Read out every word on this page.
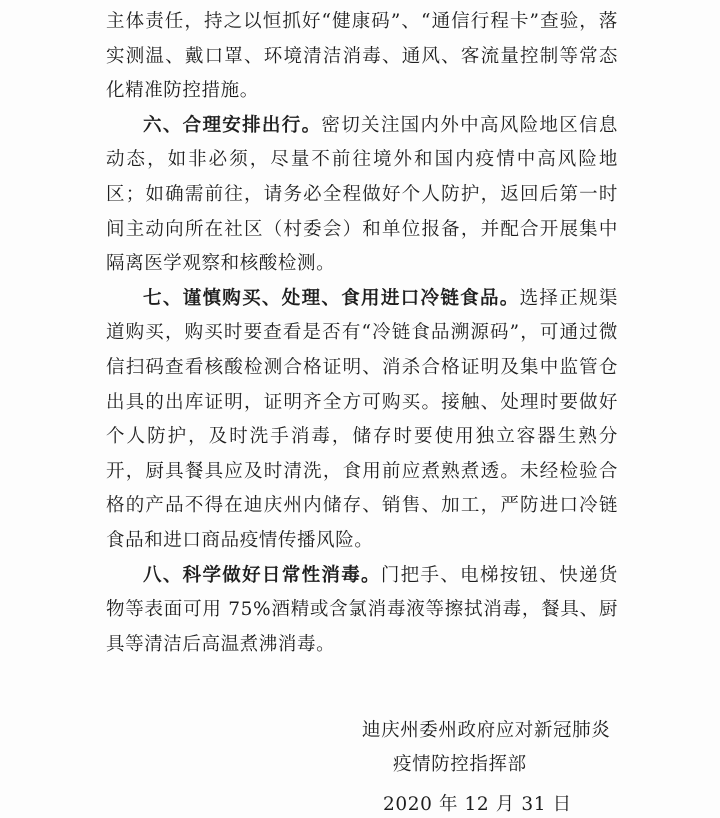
主体责任，持之以恒抓好“健康码”、“通信行程卡”查验，落实测温、戴口罩、环境清洁消毒、通风、客流量控制等常态化精准防控措施。

六、合理安排出行。密切关注国内外中高风险地区信息动态，如非必须，尽量不前往境外和国内疫情中高风险地区；如确需前往，请务必全程做好个人防护，返回后第一时间主动向所在社区（村委会）和单位报备，并配合开展集中隔离医学观察和核酸检测。

七、谨慎购买、处理、食用进口冷链食品。选择正规渠道购买，购买时要查看是否有“冷链食品溯源码”，可通过微信扫码查看核酸检测合格证明、消杀合格证明及集中监管仓出具的出库证明，证明齐全方可购买。接触、处理时要做好个人防护，及时洗手消毒，储存时要使用独立容器生熟分开，厨具餐具应及时清洗，食用前应煮熟煮透。未经检验合格的产品不得在迪庆州内储存、销售、加工，严防进口冷链食品和进口商品疫情传播风险。

八、科学做好日常性消毒。门把手、电梯按钮、快递货物等表面可用 75%酒精或含氯消毒液等擦拭消毒，餐具、厨具等清洁后高温煮沸消毒。

迪庆州委州政府应对新冠肺炎
疫情防控指挥部
2020 年 12 月 31 日
